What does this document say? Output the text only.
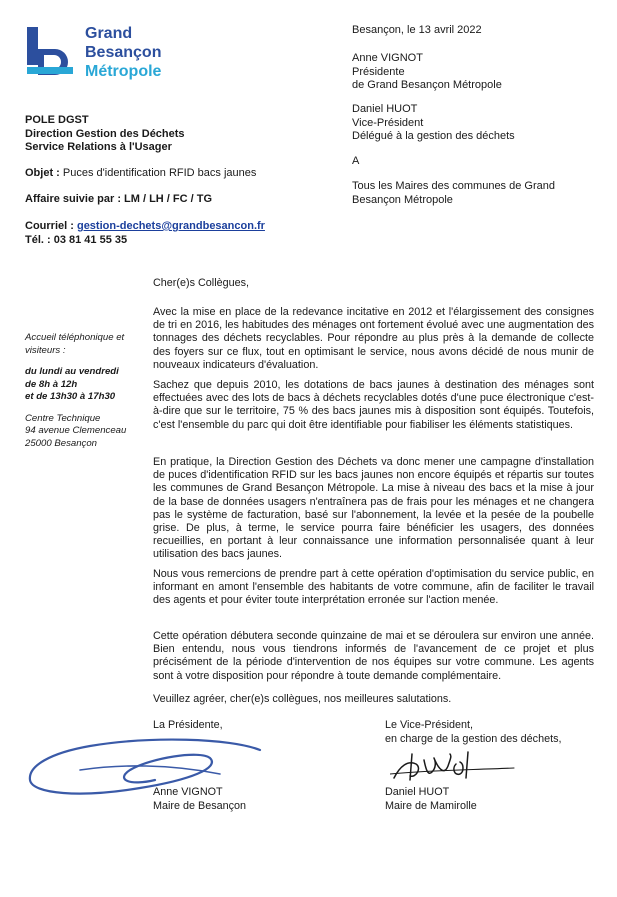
Grand
Besançon
Métropole
Besançon, le 13 avril 2022
Anne VIGNOT
Présidente
de Grand Besançon Métropole
Daniel HUOT
Vice-Président
Délégué à la gestion des déchets
A
Tous les Maires des communes de Grand
Besançon Métropole
POLE DGST
Direction Gestion des Déchets
Service Relations à l'Usager
Objet : Puces d'identification RFID bacs jaunes
Affaire suivie par : LM / LH / FC / TG
Courriel : gestion-dechets@grandbesancon.fr
Tél. : 03 81 41 55 35

Accueil téléphonique et visiteurs :

du lundi au vendredi
de 8h à 12h
et de 13h30 à 17h30

Centre Technique
94 avenue Clemenceau
25000 Besançon

Cher(e)s Collègues,

Avec la mise en place de la redevance incitative en 2012 et l'élargissement des consignes de tri en 2016, les habitudes des ménages ont fortement évolué avec une augmentation des tonnages des déchets recyclables. Pour répondre au plus près à la demande de collecte des foyers sur ce flux, tout en optimisant le service, nous avons décidé de nous munir de nouveaux indicateurs d'évaluation.

Sachez que depuis 2010, les dotations de bacs jaunes à destination des ménages sont effectuées avec des lots de bacs à déchets recyclables dotés d'une puce électronique c'est-à-dire que sur le territoire, 75 % des bacs jaunes mis à disposition sont équipés. Toutefois, c'est l'ensemble du parc qui doit être identifiable pour fiabiliser les éléments statistiques.

En pratique, la Direction Gestion des Déchets va donc mener une campagne d'installation de puces d'identification RFID sur les bacs jaunes non encore équipés et répartis sur toutes les communes de Grand Besançon Métropole. La mise à niveau des bacs et la mise à jour de la base de données usagers n'entraînera pas de frais pour les ménages et ne changera pas le système de facturation, basé sur l'abonnement, la levée et la pesée de la poubelle grise. De plus, à terme, le service pourra faire bénéficier les usagers, des données recueillies, en portant à leur connaissance une information personnalisée quant à leur utilisation des bacs jaunes.

Nous vous remercions de prendre part à cette opération d'optimisation du service public, en informant en amont l'ensemble des habitants de votre commune, afin de faciliter le travail des agents et pour éviter toute interprétation erronée sur l'action menée.

Cette opération débutera seconde quinzaine de mai et se déroulera sur environ une année. Bien entendu, nous vous tiendrons informés de l'avancement de ce projet et plus précisément de la période d'intervention de nos équipes sur votre commune. Les agents sont à votre disposition pour répondre à toute demande complémentaire.

Veuillez agréer, cher(e)s collègues, nos meilleures salutations.
La Présidente,
Anne VIGNOT
Maire de Besançon
Le Vice-Président,
en charge de la gestion des déchets,
Daniel HUOT
Maire de Mamirolle
